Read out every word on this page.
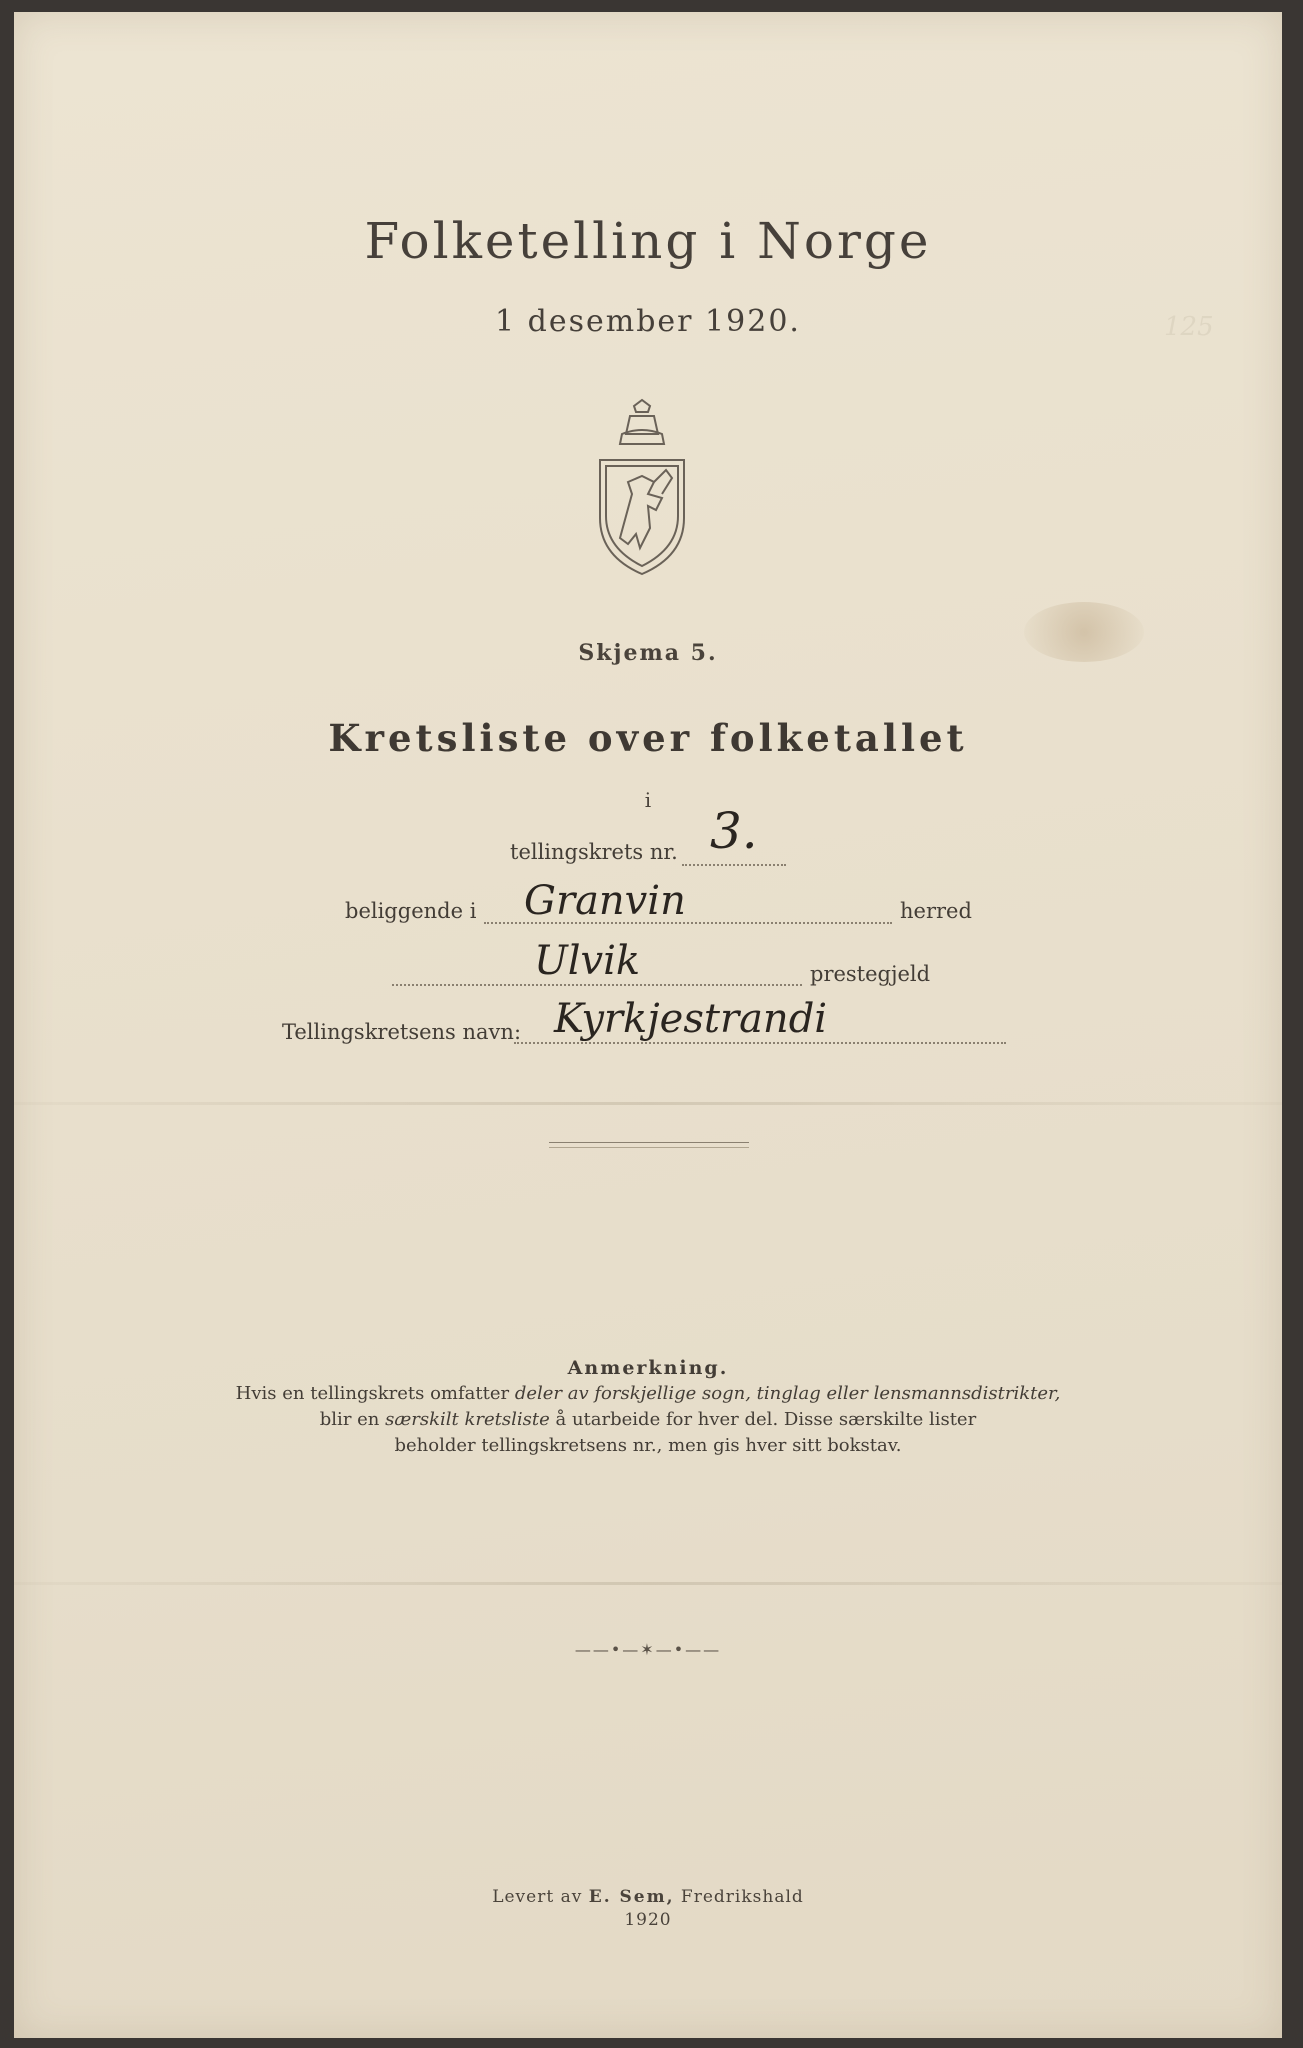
125
Folketelling i Norge
1 desember 1920.
Skjema 5.
Kretsliste over folketallet
i
tellingskrets nr. 3.
beliggende i Granvin	herred
Ulvik	prestegjeld
Tellingskretsens navn: Kyrkjestrandi
Anmerkning.
Hvis en tellingskrets omfatter deler av forskjellige sogn, tinglag eller lensmannsdistrikter,
blir en særskilt kretsliste å utarbeide for hver del. Disse særskilte lister
beholder tellingskretsens nr., men gis hver sitt bokstav.
——•—✶—•——
Levert av E. Sem, Fredrikshald
1920
